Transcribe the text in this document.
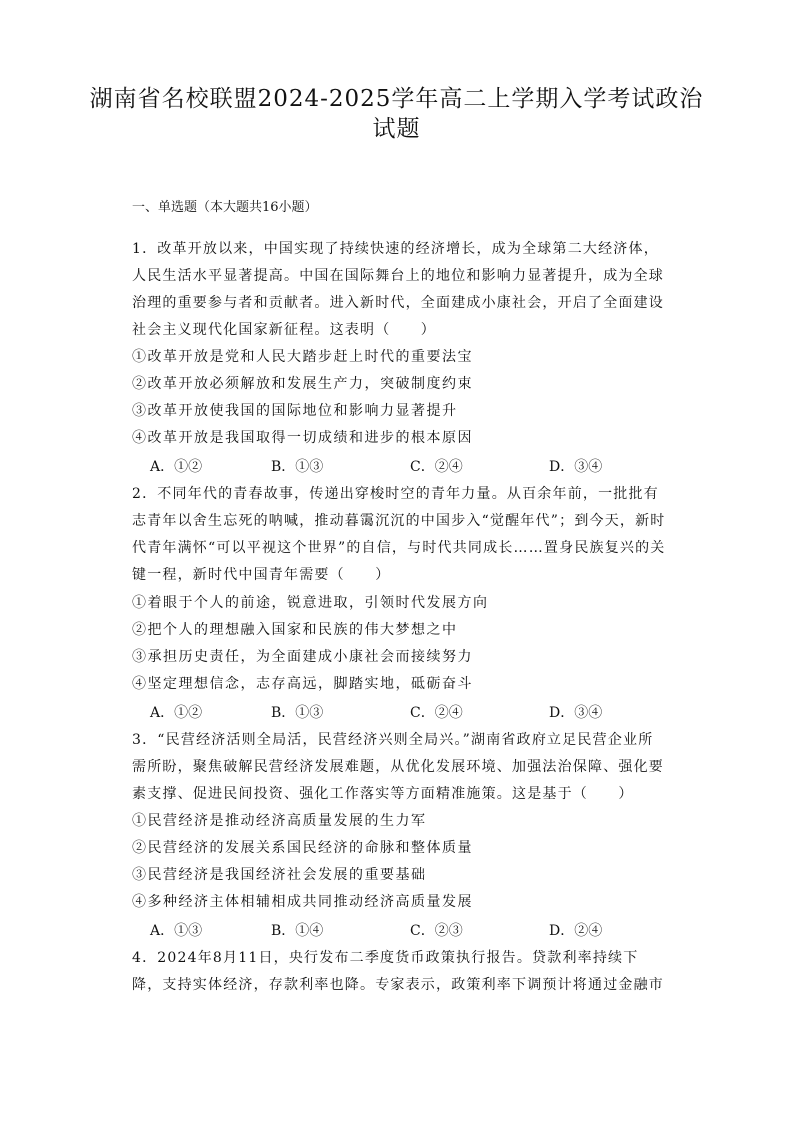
湖南省名校联盟2024-2025学年高二上学期入学考试政治
试题
一、单选题（本大题共16小题）
1．改革开放以来，中国实现了持续快速的经济增长，成为全球第二大经济体，
人民生活水平显著提高。中国在国际舞台上的地位和影响力显著提升，成为全球
治理的重要参与者和贡献者。进入新时代，全面建成小康社会，开启了全面建设
社会主义现代化国家新征程。这表明（　　）
①改革开放是党和人民大踏步赶上时代的重要法宝
②改革开放必须解放和发展生产力，突破制度约束
③改革开放使我国的国际地位和影响力显著提升
④改革开放是我国取得一切成绩和进步的根本原因
A．①②	B．①③	C．②④	D．③④
2．不同年代的青春故事，传递出穿梭时空的青年力量。从百余年前，一批批有
志青年以舍生忘死的呐喊，推动暮霭沉沉的中国步入“觉醒年代”；到今天，新时
代青年满怀“可以平视这个世界”的自信，与时代共同成长……置身民族复兴的关
键一程，新时代中国青年需要（　　）
①着眼于个人的前途，锐意进取，引领时代发展方向
②把个人的理想融入国家和民族的伟大梦想之中
③承担历史责任，为全面建成小康社会而接续努力
④坚定理想信念，志存高远，脚踏实地，砥砺奋斗
A．①②	B．①③	C．②④	D．③④
3．“民营经济活则全局活，民营经济兴则全局兴。”湖南省政府立足民营企业所
需所盼，聚焦破解民营经济发展难题，从优化发展环境、加强法治保障、强化要
素支撑、促进民间投资、强化工作落实等方面精准施策。这是基于（　　）
①民营经济是推动经济高质量发展的生力军
②民营经济的发展关系国民经济的命脉和整体质量
③民营经济是我国经济社会发展的重要基础
④多种经济主体相辅相成共同推动经济高质量发展
A．①③	B．①④	C．②③	D．②④
4．2024年8月11日，央行发布二季度货币政策执行报告。贷款利率持续下
降，支持实体经济，存款利率也降。专家表示，政策利率下调预计将通过金融市
